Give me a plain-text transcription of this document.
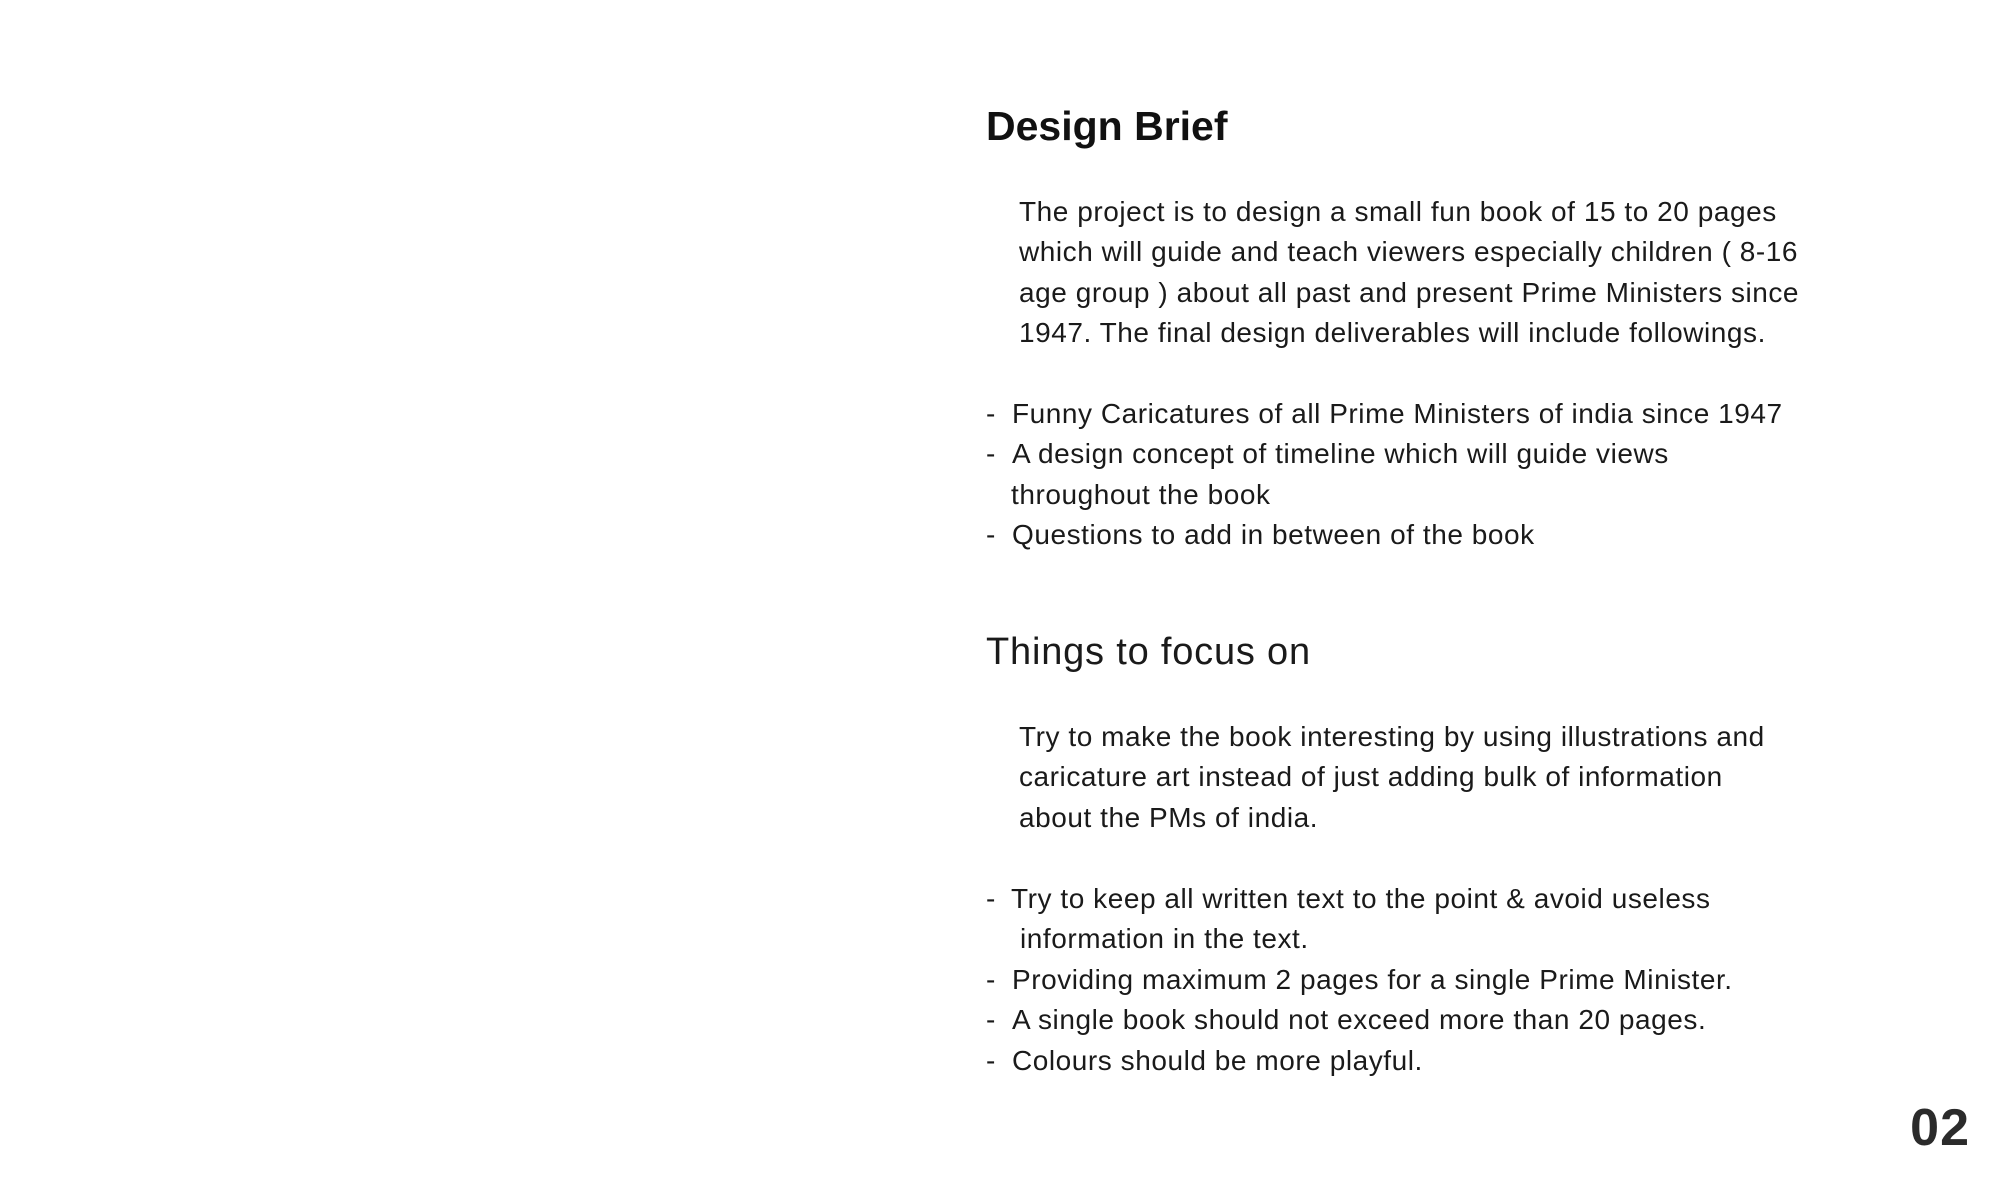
Design Brief

The project is to design a small fun book of 15 to 20 pages
which will guide and teach viewers especially children ( 8-16
age group ) about all past and present Prime Ministers since
1947. The final design deliverables will include followings.

- Funny Caricatures of all Prime Ministers of india since 1947
- A design concept of timeline which will guide views
throughout the book
- Questions to add in between of the book
Things to focus on

Try to make the book interesting by using illustrations and
caricature art instead of just adding bulk of information
about the PMs of india.

- Try to keep all written text to the point & avoid useless
information in the text.
- Providing maximum 2 pages for a single Prime Minister.
- A single book should not exceed more than 20 pages.
- Colours should be more playful.
02
